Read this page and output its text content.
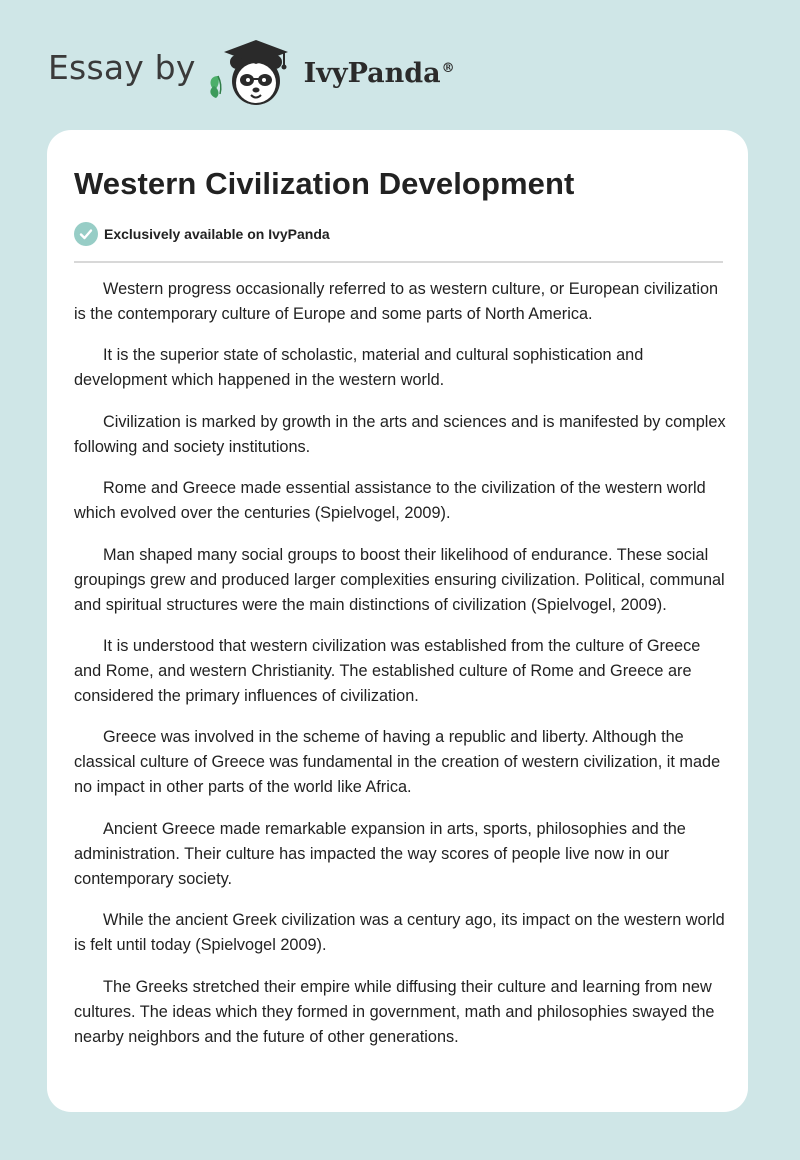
Essay by	IvyPanda®
Western Civilization Development
Exclusively available on IvyPanda

Western progress occasionally referred to as western culture, or European civilization is the contemporary culture of Europe and some parts of North America.

It is the superior state of scholastic, material and cultural sophistication and development which happened in the western world.

Civilization is marked by growth in the arts and sciences and is manifested by complex following and society institutions.

Rome and Greece made essential assistance to the civilization of the western world which evolved over the centuries (Spielvogel, 2009).

Man shaped many social groups to boost their likelihood of endurance. These social groupings grew and produced larger complexities ensuring civilization. Political, communal and spiritual structures were the main distinctions of civilization (Spielvogel, 2009).

It is understood that western civilization was established from the culture of Greece and Rome, and western Christianity. The established culture of Rome and Greece are considered the primary influences of civilization.

Greece was involved in the scheme of having a republic and liberty. Although the classical culture of Greece was fundamental in the creation of western civilization, it made no impact in other parts of the world like Africa.

Ancient Greece made remarkable expansion in arts, sports, philosophies and the administration. Their culture has impacted the way scores of people live now in our contemporary society.

While the ancient Greek civilization was a century ago, its impact on the western world is felt until today (Spielvogel 2009).

The Greeks stretched their empire while diffusing their culture and learning from new cultures. The ideas which they formed in government, math and philosophies swayed the nearby neighbors and the future of other generations.
